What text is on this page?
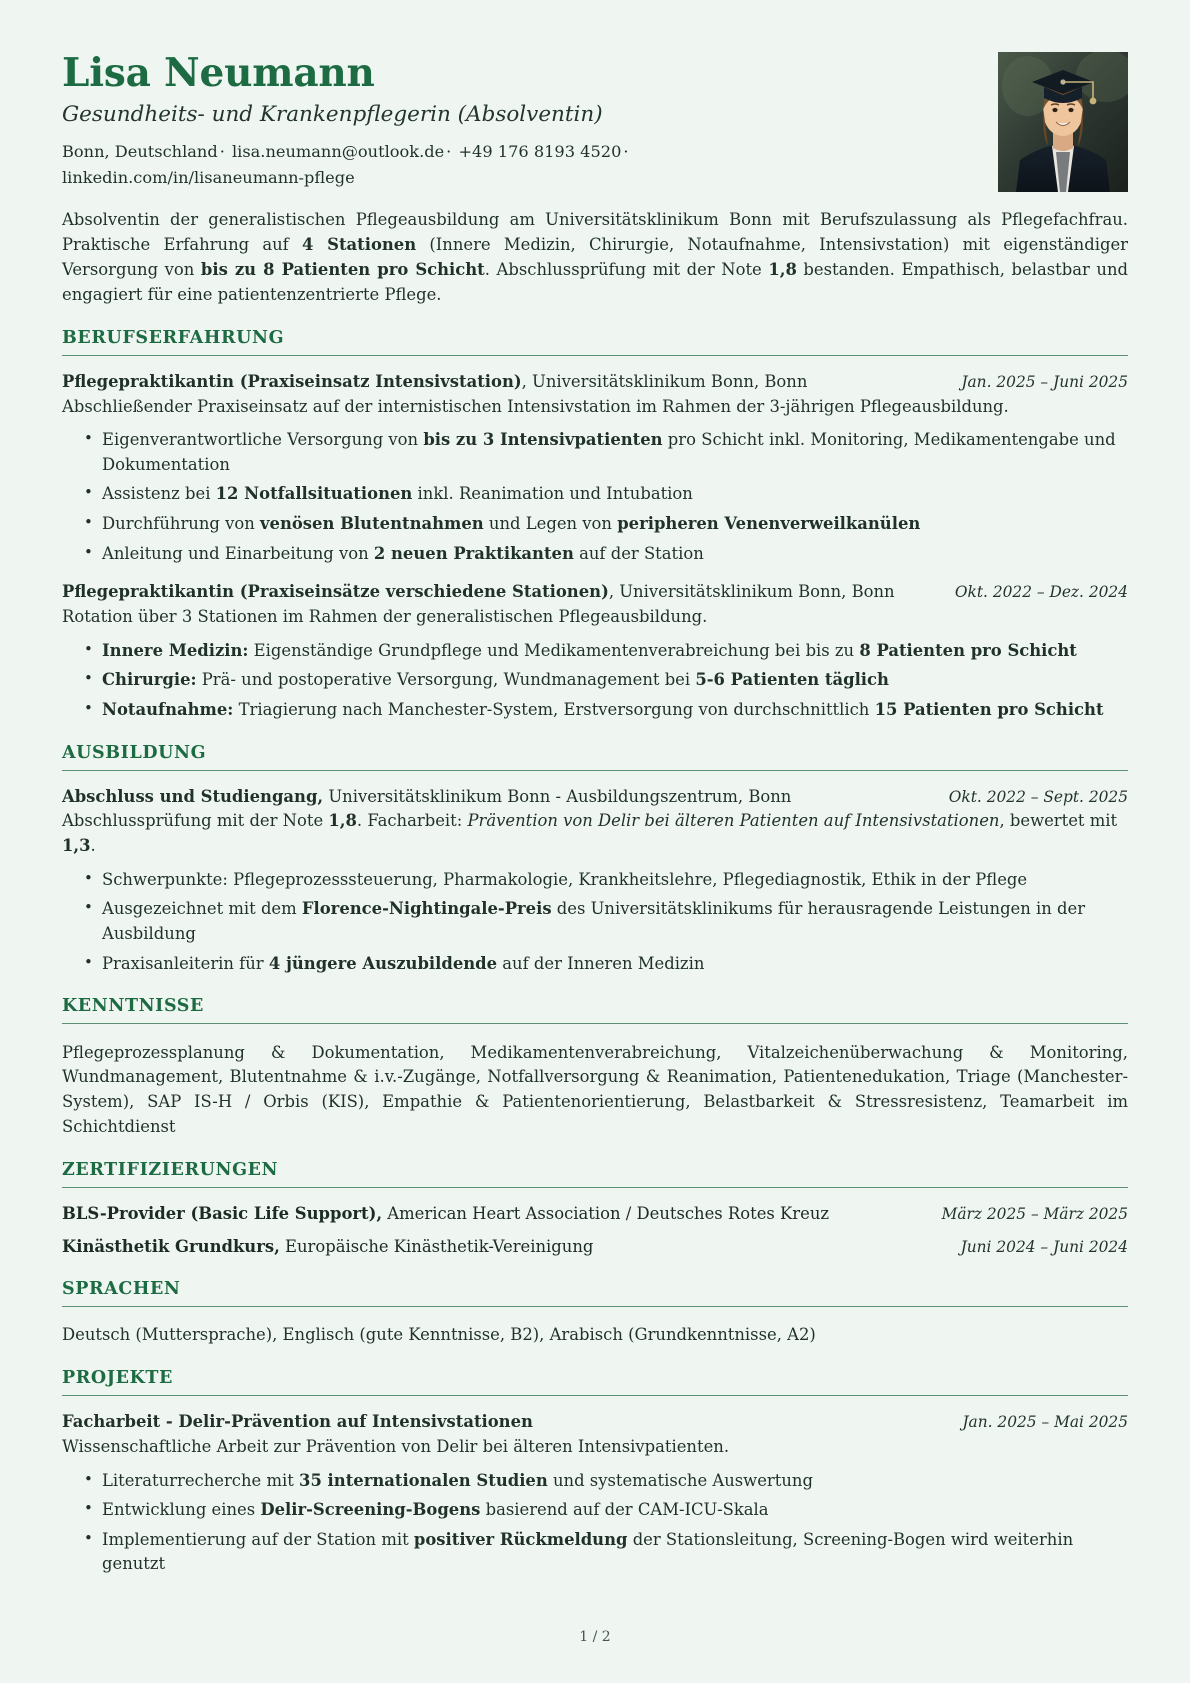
Lisa Neumann
Gesundheits- und Krankenpflegerin (Absolventin)
Bonn, Deutschland · lisa.neumann@outlook.de · +49 176 8193 4520 · linkedin.com/in/lisaneumann-pflege

Absolventin der generalistischen Pflegeausbildung am Universitätsklinikum Bonn mit Berufszulassung als Pflegefachfrau. Praktische Erfahrung auf 4 Stationen (Innere Medizin, Chirurgie, Notaufnahme, Intensivstation) mit eigenständiger Versorgung von bis zu 8 Patienten pro Schicht. Abschlussprüfung mit der Note 1,8 bestanden. Empathisch, belastbar und engagiert für eine patientenzentrierte Pflege.

BERUFSERFAHRUNG
Pflegepraktikantin (Praxiseinsatz Intensivstation), Universitätsklinikum Bonn, Bonn	Jan. 2025 – Juni 2025
Abschließender Praxiseinsatz auf der internistischen Intensivstation im Rahmen der 3-jährigen Pflegeausbildung.
• Eigenverantwortliche Versorgung von bis zu 3 Intensivpatienten pro Schicht inkl. Monitoring, Medikamentengabe und Dokumentation
• Assistenz bei 12 Notfallsituationen inkl. Reanimation und Intubation
• Durchführung von venösen Blutentnahmen und Legen von peripheren Venenverweilkanülen
• Anleitung und Einarbeitung von 2 neuen Praktikanten auf der Station
Pflegepraktikantin (Praxiseinsätze verschiedene Stationen), Universitätsklinikum Bonn, Bonn	Okt. 2022 – Dez. 2024
Rotation über 3 Stationen im Rahmen der generalistischen Pflegeausbildung.
• Innere Medizin: Eigenständige Grundpflege und Medikamentenverabreichung bei bis zu 8 Patienten pro Schicht
• Chirurgie: Prä- und postoperative Versorgung, Wundmanagement bei 5-6 Patienten täglich
• Notaufnahme: Triagierung nach Manchester-System, Erstversorgung von durchschnittlich 15 Patienten pro Schicht
AUSBILDUNG
Abschluss und Studiengang, Universitätsklinikum Bonn - Ausbildungszentrum, Bonn	Okt. 2022 – Sept. 2025
Abschlussprüfung mit der Note 1,8. Facharbeit: Prävention von Delir bei älteren Patienten auf Intensivstationen, bewertet mit 1,3.
• Schwerpunkte: Pflegeprozesssteuerung, Pharmakologie, Krankheitslehre, Pflegediagnostik, Ethik in der Pflege
• Ausgezeichnet mit dem Florence-Nightingale-Preis des Universitätsklinikums für herausragende Leistungen in der Ausbildung
• Praxisanleiterin für 4 jüngere Auszubildende auf der Inneren Medizin
KENNTNISSE

Pflegeprozessplanung & Dokumentation, Medikamentenverabreichung, Vitalzeichenüberwachung & Monitoring, Wundmanagement, Blutentnahme & i.v.-Zugänge, Notfallversorgung & Reanimation, Patientenedukation, Triage (Manchester-System), SAP IS-H / Orbis (KIS), Empathie & Patientenorientierung, Belastbarkeit & Stressresistenz, Teamarbeit im Schichtdienst

ZERTIFIZIERUNGEN
BLS-Provider (Basic Life Support), American Heart Association / Deutsches Rotes Kreuz	März 2025 – März 2025
Kinästhetik Grundkurs, Europäische Kinästhetik-Vereinigung	Juni 2024 – Juni 2024
SPRACHEN

Deutsch (Muttersprache), Englisch (gute Kenntnisse, B2), Arabisch (Grundkenntnisse, A2)

PROJEKTE
Facharbeit - Delir-Prävention auf Intensivstationen	Jan. 2025 – Mai 2025
Wissenschaftliche Arbeit zur Prävention von Delir bei älteren Intensivpatienten.
• Literaturrecherche mit 35 internationalen Studien und systematische Auswertung
• Entwicklung eines Delir-Screening-Bogens basierend auf der CAM-ICU-Skala
• Implementierung auf der Station mit positiver Rückmeldung der Stationsleitung, Screening-Bogen wird weiterhin genutzt
1 / 2
